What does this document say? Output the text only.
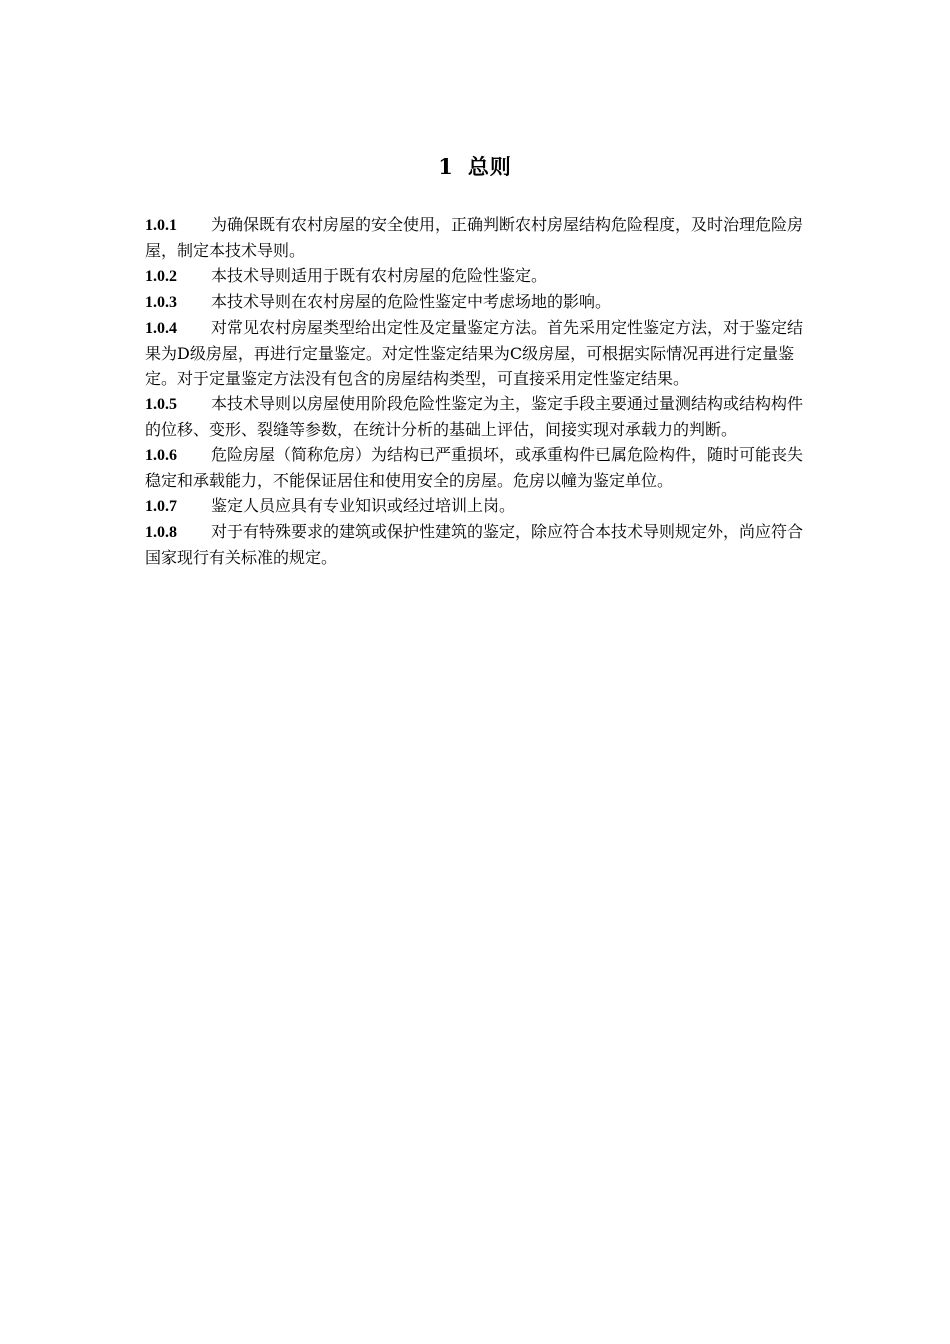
1 总则

1.0.1 为确保既有农村房屋的安全使用，正确判断农村房屋结构危险程度，及时治理危险房屋，制定本技术导则。

1.0.2 本技术导则适用于既有农村房屋的危险性鉴定。

1.0.3 本技术导则在农村房屋的危险性鉴定中考虑场地的影响。

1.0.4 对常见农村房屋类型给出定性及定量鉴定方法。首先采用定性鉴定方法，对于鉴定结果为D级房屋，再进行定量鉴定。对定性鉴定结果为C级房屋，可根据实际情况再进行定量鉴定。对于定量鉴定方法没有包含的房屋结构类型，可直接采用定性鉴定结果。

1.0.5 本技术导则以房屋使用阶段危险性鉴定为主，鉴定手段主要通过量测结构或结构构件的位移、变形、裂缝等参数，在统计分析的基础上评估，间接实现对承载力的判断。

1.0.6 危险房屋（简称危房）为结构已严重损坏，或承重构件已属危险构件，随时可能丧失稳定和承载能力，不能保证居住和使用安全的房屋。危房以幢为鉴定单位。

1.0.7 鉴定人员应具有专业知识或经过培训上岗。

1.0.8 对于有特殊要求的建筑或保护性建筑的鉴定，除应符合本技术导则规定外，尚应符合国家现行有关标准的规定。
